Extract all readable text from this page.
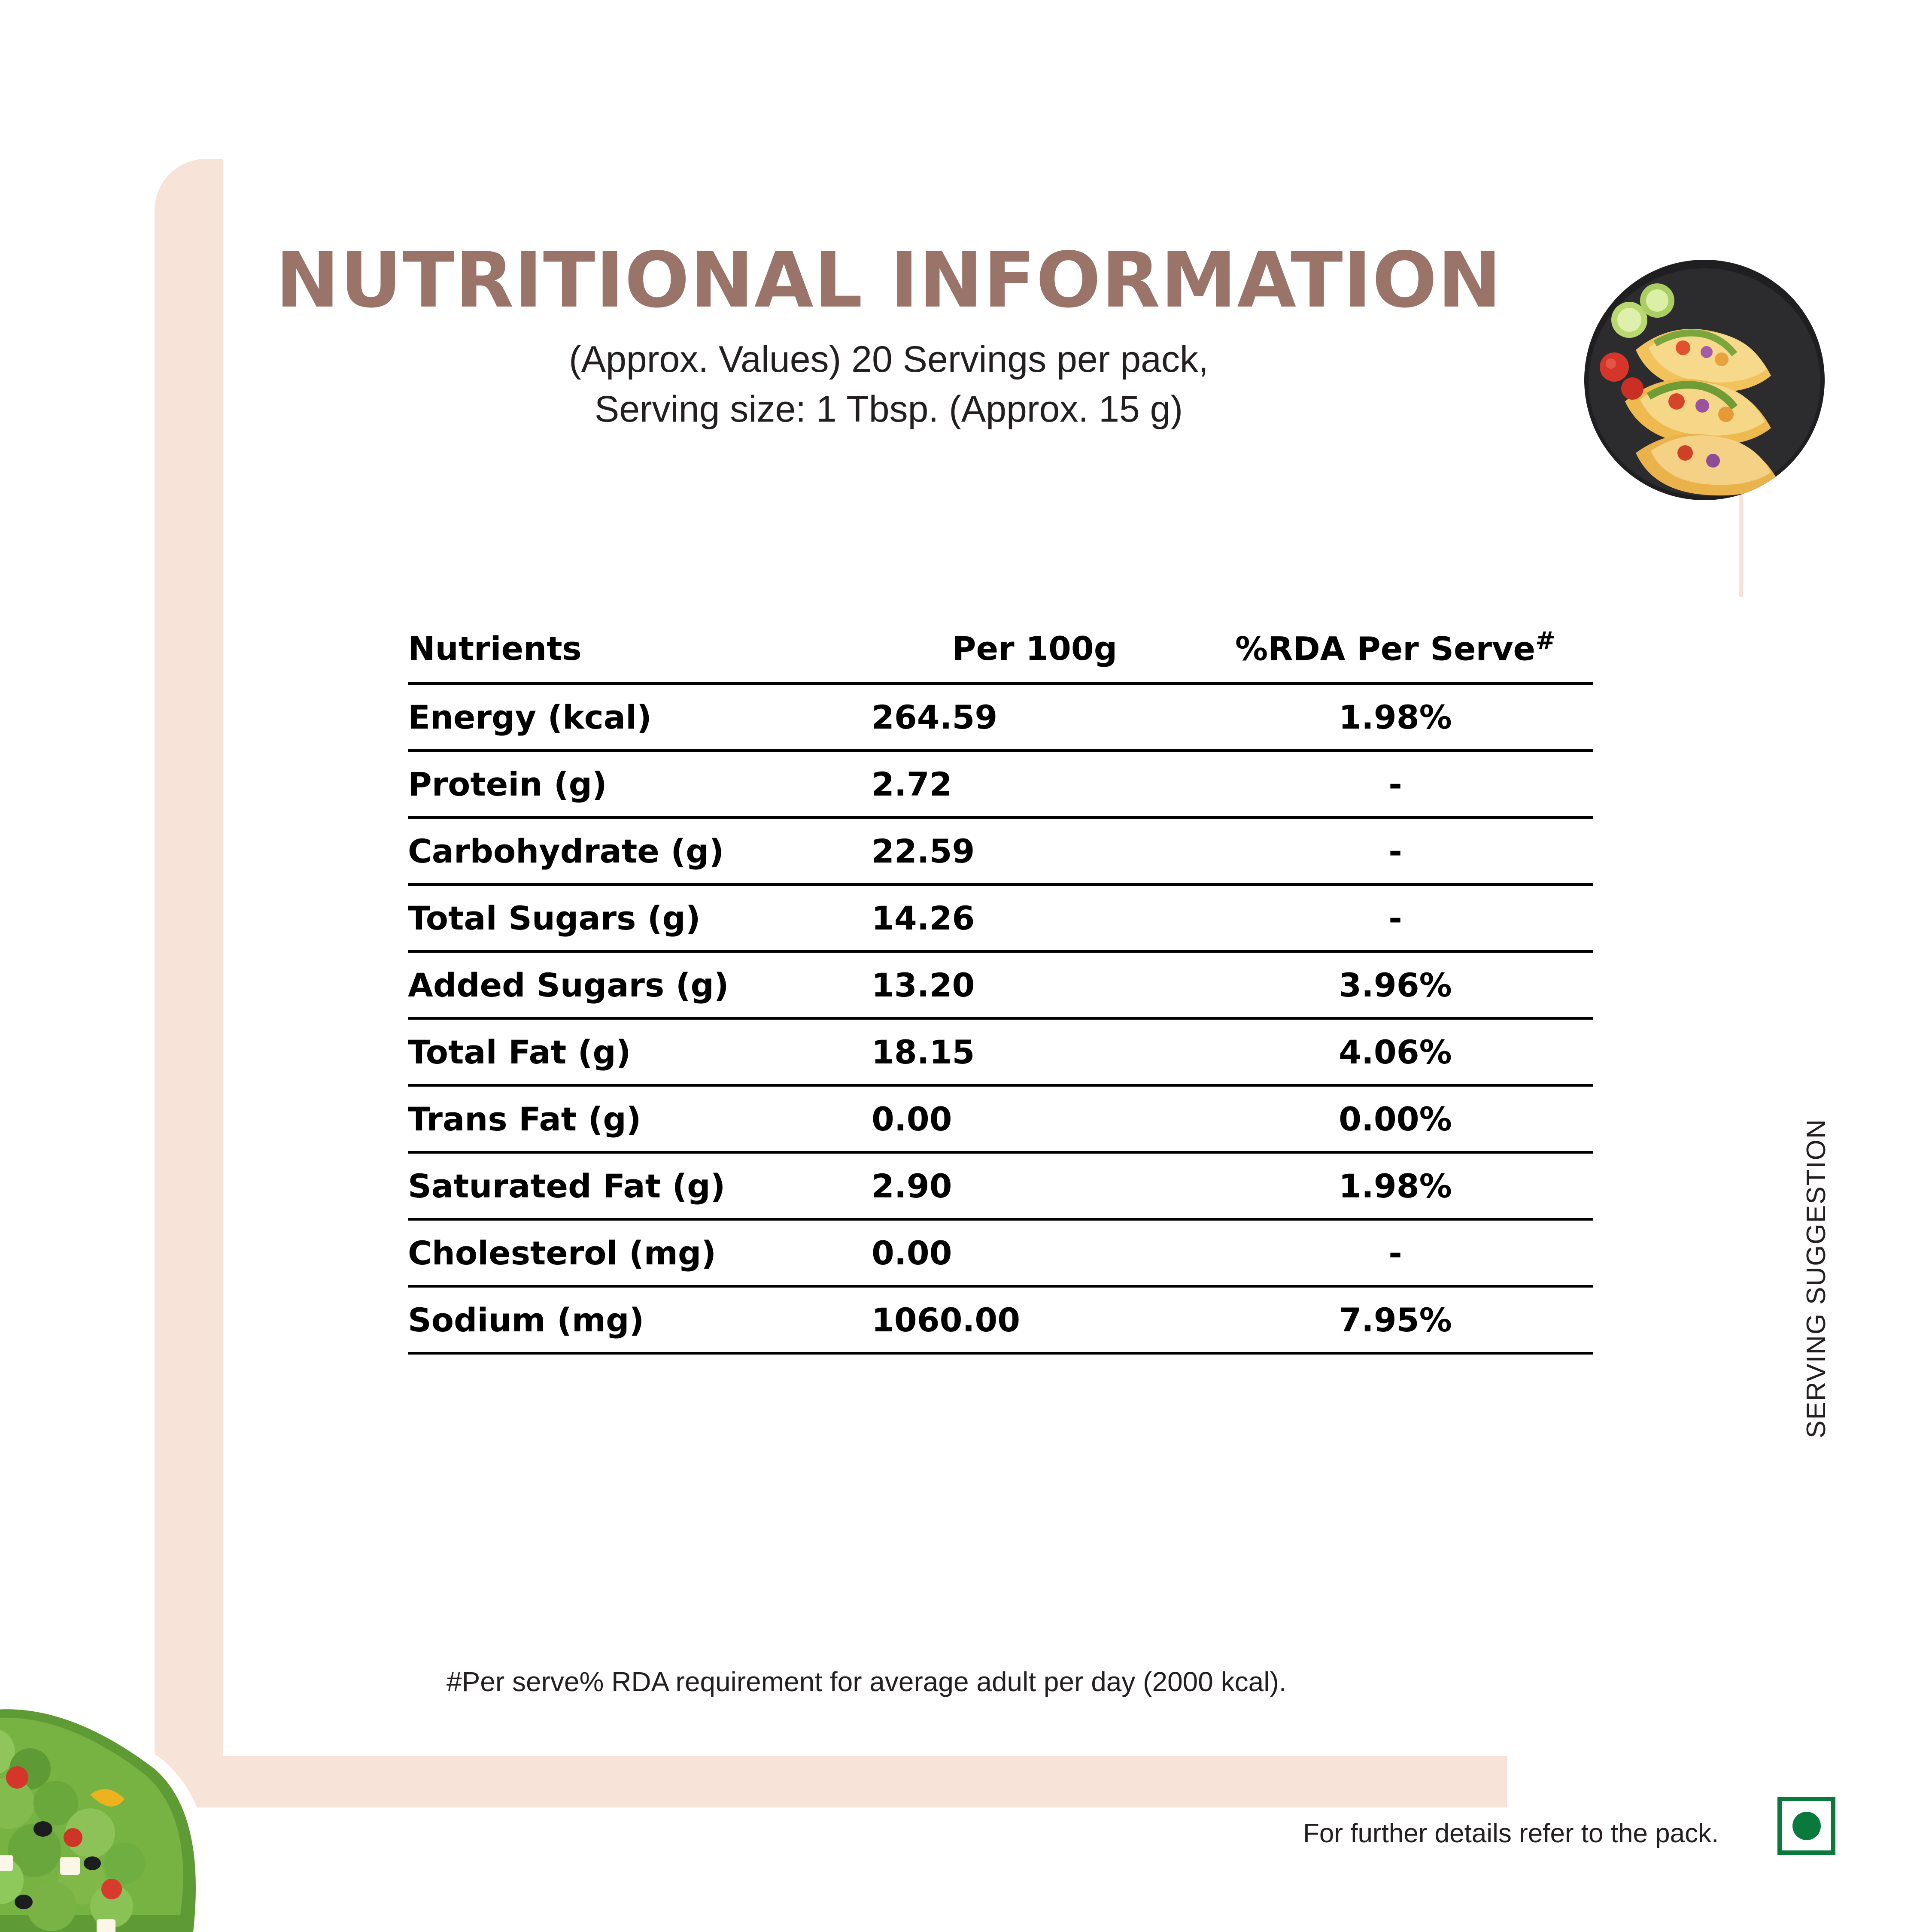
NUTRITIONAL INFORMATION
(Approx. Values) 20 Servings per pack,
Serving size: 1 Tbsp. (Approx. 15 g)
Nutrients	Per 100g	%RDA Per Serve#
Energy (kcal)	264.59	1.98%
Protein (g)	2.72	-
Carbohydrate (g)	22.59	-
Total Sugars (g)	14.26	-
Added Sugars (g)	13.20	3.96%
Total Fat (g)	18.15	4.06%
Trans Fat (g)	0.00	0.00%
Saturated Fat (g)	2.90	1.98%
Cholesterol (mg)	0.00	-
Sodium (mg)	1060.00	7.95%
#Per serve% RDA requirement for average adult per day (2000 kcal).
For further details refer to the pack.
SERVING SUGGESTION
